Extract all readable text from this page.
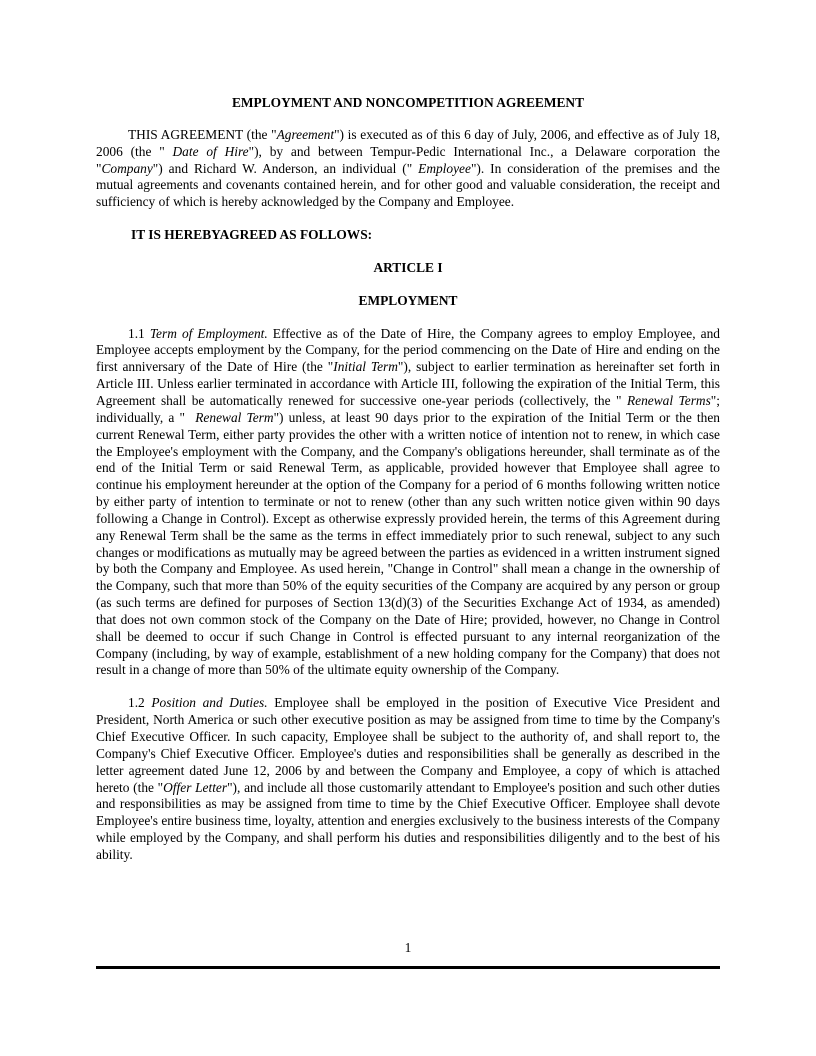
EMPLOYMENT AND NONCOMPETITION AGREEMENT

THIS AGREEMENT (the "Agreement") is executed as of this 6 day of July, 2006, and effective as of July 18, 2006 (the " Date of Hire"), by and between Tempur-Pedic International Inc., a Delaware corporation the "Company") and Richard W. Anderson, an individual (" Employee"). In consideration of the premises and the mutual agreements and covenants contained herein, and for other good and valuable consideration, the receipt and sufficiency of which is hereby acknowledged by the Company and Employee.

IT IS HEREBYAGREED AS FOLLOWS:
ARTICLE I
EMPLOYMENT

1.1 Term of Employment. Effective as of the Date of Hire, the Company agrees to employ Employee, and Employee accepts employment by the Company, for the period commencing on the Date of Hire and ending on the first anniversary of the Date of Hire (the "Initial Term"), subject to earlier termination as hereinafter set forth in Article III. Unless earlier terminated in accordance with Article III, following the expiration of the Initial Term, this Agreement shall be automatically renewed for successive one-year periods (collectively, the " Renewal Terms"; individually, a "  Renewal Term") unless, at least 90 days prior to the expiration of the Initial Term or the then current Renewal Term, either party provides the other with a written notice of intention not to renew, in which case the Employee's employment with the Company, and the Company's obligations hereunder, shall terminate as of the end of the Initial Term or said Renewal Term, as applicable, provided however that Employee shall agree to continue his employment hereunder at the option of the Company for a period of 6 months following written notice by either party of intention to terminate or not to renew (other than any such written notice given within 90 days following a Change in Control). Except as otherwise expressly provided herein, the terms of this Agreement during any Renewal Term shall be the same as the terms in effect immediately prior to such renewal, subject to any such changes or modifications as mutually may be agreed between the parties as evidenced in a written instrument signed by both the Company and Employee. As used herein, "Change in Control" shall mean a change in the ownership of the Company, such that more than 50% of the equity securities of the Company are acquired by any person or group (as such terms are defined for purposes of Section 13(d)(3) of the Securities Exchange Act of 1934, as amended) that does not own common stock of the Company on the Date of Hire; provided, however, no Change in Control shall be deemed to occur if such Change in Control is effected pursuant to any internal reorganization of the Company (including, by way of example, establishment of a new holding company for the Company) that does not result in a change of more than 50% of the ultimate equity ownership of the Company.

1.2 Position and Duties. Employee shall be employed in the position of Executive Vice President and President, North America or such other executive position as may be assigned from time to time by the Company's Chief Executive Officer. In such capacity, Employee shall be subject to the authority of, and shall report to, the Company's Chief Executive Officer. Employee's duties and responsibilities shall be generally as described in the letter agreement dated June 12, 2006 by and between the Company and Employee, a copy of which is attached hereto (the "Offer Letter"), and include all those customarily attendant to Employee's position and such other duties and responsibilities as may be assigned from time to time by the Chief Executive Officer. Employee shall devote Employee's entire business time, loyalty, attention and energies exclusively to the business interests of the Company while employed by the Company, and shall perform his duties and responsibilities diligently and to the best of his ability.

1
